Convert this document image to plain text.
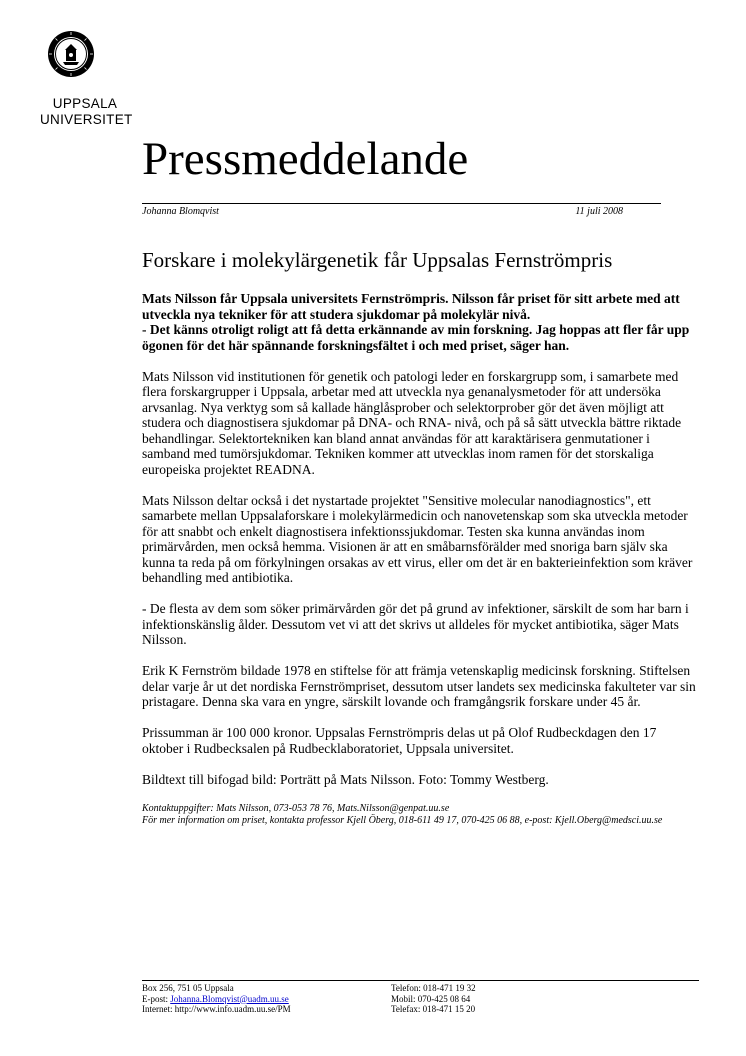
UPPSALA
UNIVERSITET
Pressmeddelande
Johanna Blomqvist	11 juli 2008
Forskare i molekylärgenetik får Uppsalas Fernströmpris

Mats Nilsson får Uppsala universitets Fernströmpris. Nilsson får priset för sitt arbete med att utveckla nya tekniker för att studera sjukdomar på molekylär nivå.
- Det känns otroligt roligt att få detta erkännande av min forskning. Jag hoppas att fler får upp ögonen för det här spännande forskningsfältet i och med priset, säger han.

Mats Nilsson vid institutionen för genetik och patologi leder en forskargrupp som, i samarbete med flera forskargrupper i Uppsala, arbetar med att utveckla nya genanalysmetoder för att undersöka arvsanlag. Nya verktyg som så kallade hänglåsprober och selektorprober gör det även möjligt att studera och diagnostisera sjukdomar på DNA- och RNA- nivå, och på så sätt utveckla bättre riktade behandlingar. Selektortekniken kan bland annat användas för att karaktärisera genmutationer i samband med tumörsjukdomar. Tekniken kommer att utvecklas inom ramen för det storskaliga europeiska projektet READNA.

Mats Nilsson deltar också i det nystartade projektet "Sensitive molecular nanodiagnostics", ett samarbete mellan Uppsalaforskare i molekylärmedicin och nanovetenskap som ska utveckla metoder för att snabbt och enkelt diagnostisera infektionssjukdomar. Testen ska kunna användas inom primärvården, men också hemma. Visionen är att en småbarnsförälder med snoriga barn själv ska kunna ta reda på om förkylningen orsakas av ett virus, eller om det är en bakterieinfektion som kräver behandling med antibiotika.

- De flesta av dem som söker primärvården gör det på grund av infektioner, särskilt de som har barn i infektionskänslig ålder. Dessutom vet vi att det skrivs ut alldeles för mycket antibiotika, säger Mats Nilsson.

Erik K Fernström bildade 1978 en stiftelse för att främja vetenskaplig medicinsk forskning. Stiftelsen delar varje år ut det nordiska Fernströmpriset, dessutom utser landets sex medicinska fakulteter var sin pristagare. Denna ska vara en yngre, särskilt lovande och framgångsrik forskare under 45 år.

Prissumman är 100 000 kronor. Uppsalas Fernströmpris delas ut på Olof Rudbeckdagen den 17 oktober i Rudbecksalen på Rudbecklaboratoriet, Uppsala universitet.

Bildtext till bifogad bild: Porträtt på Mats Nilsson. Foto: Tommy Westberg.

Kontaktuppgifter: Mats Nilsson, 073-053 78 76, Mats.Nilsson@genpat.uu.se
För mer information om priset, kontakta professor Kjell Öberg, 018-611 49 17, 070-425 06 88, e-post: Kjell.Oberg@medsci.uu.se

Box 256, 751 05 Uppsala
E-post: Johanna.Blomqvist@uadm.uu.se
Internet: http://www.info.uadm.uu.se/PM
Telefon: 018-471 19 32
Mobil: 070-425 08 64
Telefax: 018-471 15 20
